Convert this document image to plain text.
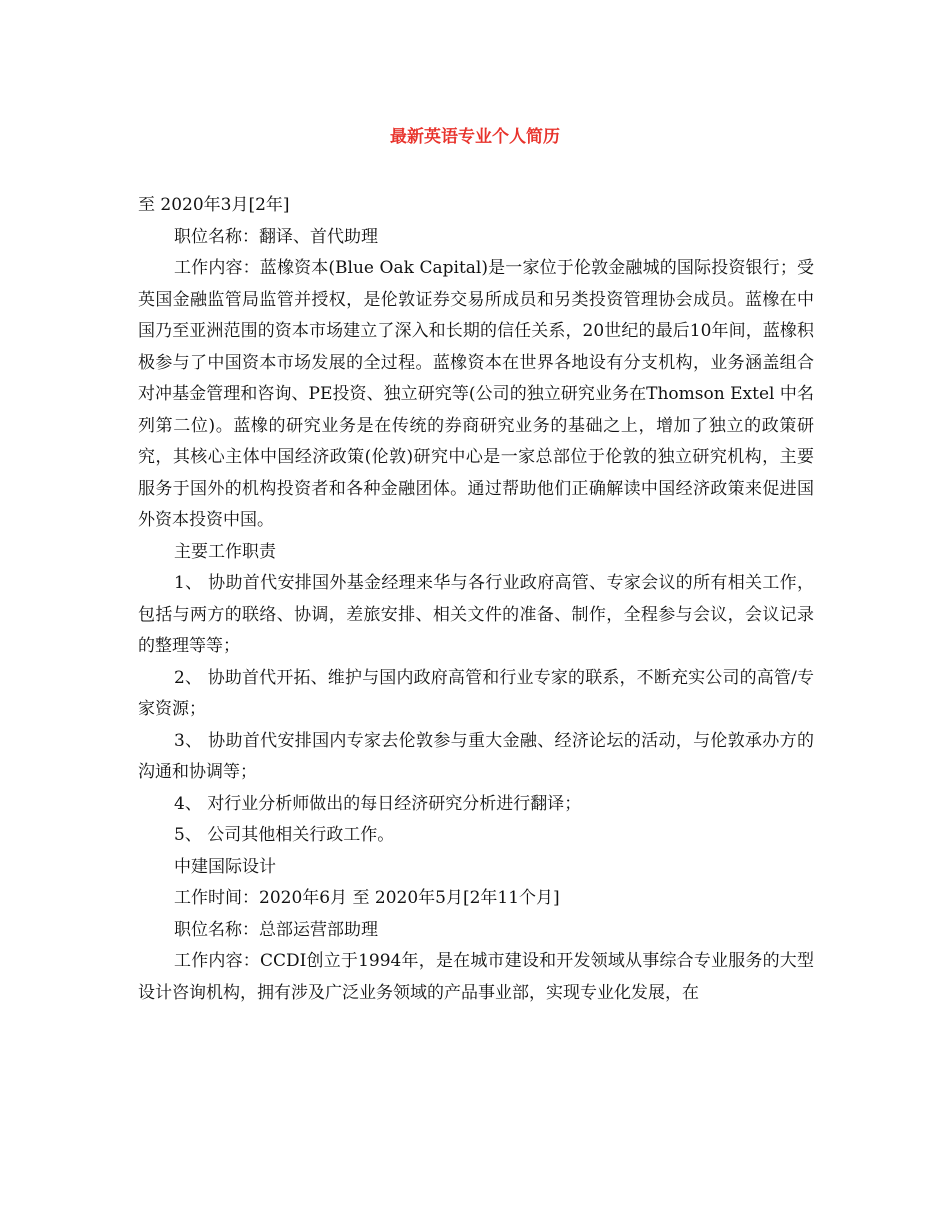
最新英语专业个人简历

至 2020年3月[2年]

职位名称：翻译、首代助理

工作内容：蓝橡资本(Blue Oak Capital)是一家位于伦敦金融城的国际投资银行；受英国金融监管局监管并授权，是伦敦证券交易所成员和另类投资管理协会成员。蓝橡在中国乃至亚洲范围的资本市场建立了深入和长期的信任关系，20世纪的最后10年间，蓝橡积极参与了中国资本市场发展的全过程。蓝橡资本在世界各地设有分支机构，业务涵盖组合对冲基金管理和咨询、PE投资、独立研究等(公司的独立研究业务在Thomson Extel 中名列第二位)。蓝橡的研究业务是在传统的券商研究业务的基础之上，增加了独立的政策研究，其核心主体中国经济政策(伦敦)研究中心是一家总部位于伦敦的独立研究机构，主要服务于国外的机构投资者和各种金融团体。通过帮助他们正确解读中国经济政策来促进国外资本投资中国。

主要工作职责

1、 协助首代安排国外基金经理来华与各行业政府高管、专家会议的所有相关工作，包括与两方的联络、协调，差旅安排、相关文件的准备、制作，全程参与会议，会议记录的整理等等；

2、 协助首代开拓、维护与国内政府高管和行业专家的联系，不断充实公司的高管/专家资源；

3、 协助首代安排国内专家去伦敦参与重大金融、经济论坛的活动，与伦敦承办方的沟通和协调等；

4、 对行业分析师做出的每日经济研究分析进行翻译；

5、 公司其他相关行政工作。

中建国际设计

工作时间：2020年6月 至 2020年5月[2年11个月]

职位名称：总部运营部助理

工作内容：CCDI创立于1994年，是在城市建设和开发领域从事综合专业服务的大型设计咨询机构，拥有涉及广泛业务领域的产品事业部，实现专业化发展，在
